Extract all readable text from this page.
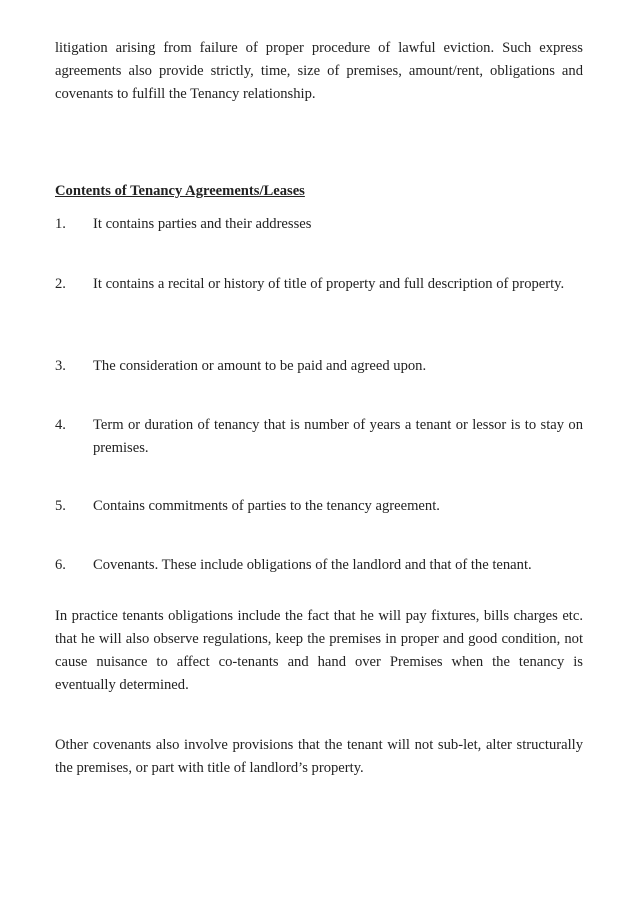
litigation arising from failure of proper procedure of lawful eviction. Such express agreements also provide strictly, time, size of premises, amount/rent, obligations and covenants to fulfill the Tenancy relationship.

Contents of Tenancy Agreements/Leases

1.	It contains parties and their addresses
2.	It contains a recital or history of title of property and full description of property.
3.	The consideration or amount to be paid and agreed upon.
4.	Term or duration of tenancy that is number of years a tenant or lessor is to stay on premises.
5.	Contains commitments of parties to the tenancy agreement.
6.	Covenants. These include obligations of the landlord and that of the tenant.

In practice tenants obligations include the fact that he will pay fixtures, bills charges etc. that he will also observe regulations, keep the premises in proper and good condition, not cause nuisance to affect co-tenants and hand over Premises when the tenancy is eventually determined.

Other covenants also involve provisions that the tenant will not sub-let, alter structurally the premises, or part with title of landlord’s property.
